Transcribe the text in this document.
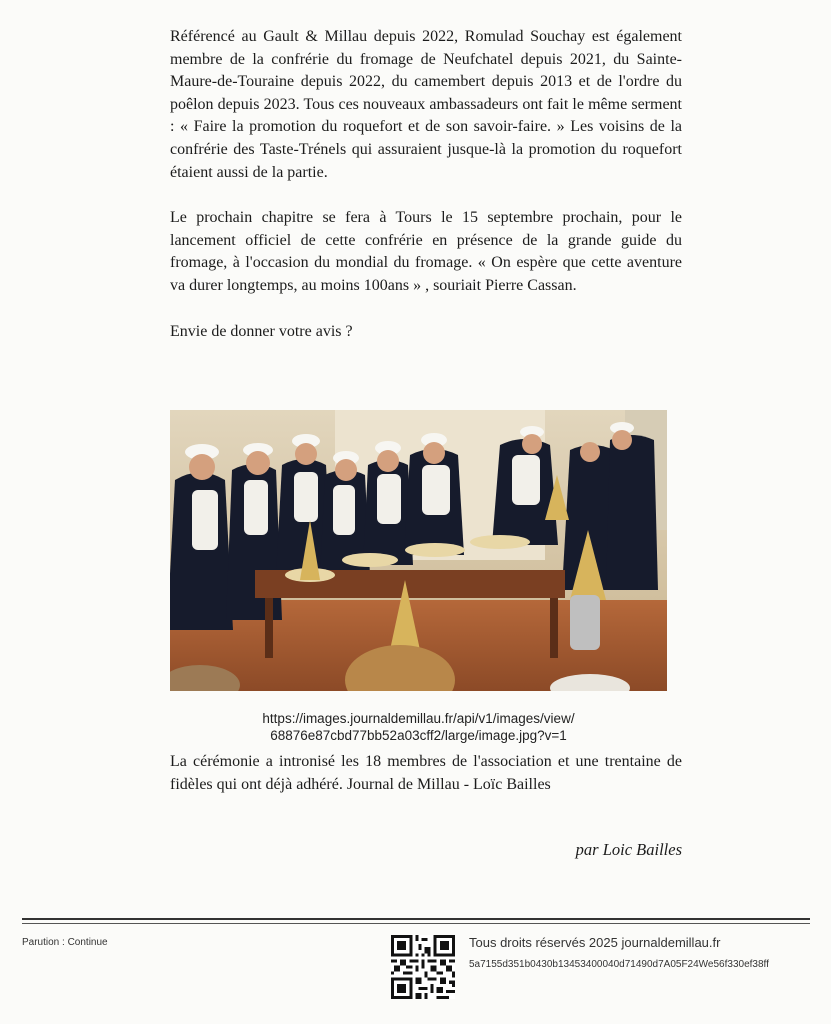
Référencé au Gault & Millau depuis 2022, Romulad Souchay est également membre de la confrérie du fromage de Neufchatel depuis 2021, du Sainte-Maure-de-Touraine depuis 2022, du camembert depuis 2013 et de l'ordre du poêlon depuis 2023. Tous ces nouveaux ambassadeurs ont fait le même serment : « Faire la promotion du roquefort et de son savoir-faire. » Les voisins de la confrérie des Taste-Trénels qui assuraient jusque-là la promotion du roquefort étaient aussi de la partie.

Le prochain chapitre se fera à Tours le 15 septembre prochain, pour le lancement officiel de cette confrérie en présence de la grande guide du fromage, à l'occasion du mondial du fromage. « On espère que cette aventure va durer longtemps, au moins 100ans » , souriait Pierre Cassan.

Envie de donner votre avis ?

https://images.journaldemillau.fr/api/v1/images/view/
68876e87cbd77bb52a03cff2/large/image.jpg?v=1

La cérémonie a intronisé les 18 membres de l'association et une trentaine de fidèles qui ont déjà adhéré. Journal de Millau - Loïc Bailles

par Loic Bailles
Parution : Continue	Tous droits réservés 2025 journaldemillau.fr
5a7155d351b0430b13453400040d71490d7A05F24We56f330ef38ff
